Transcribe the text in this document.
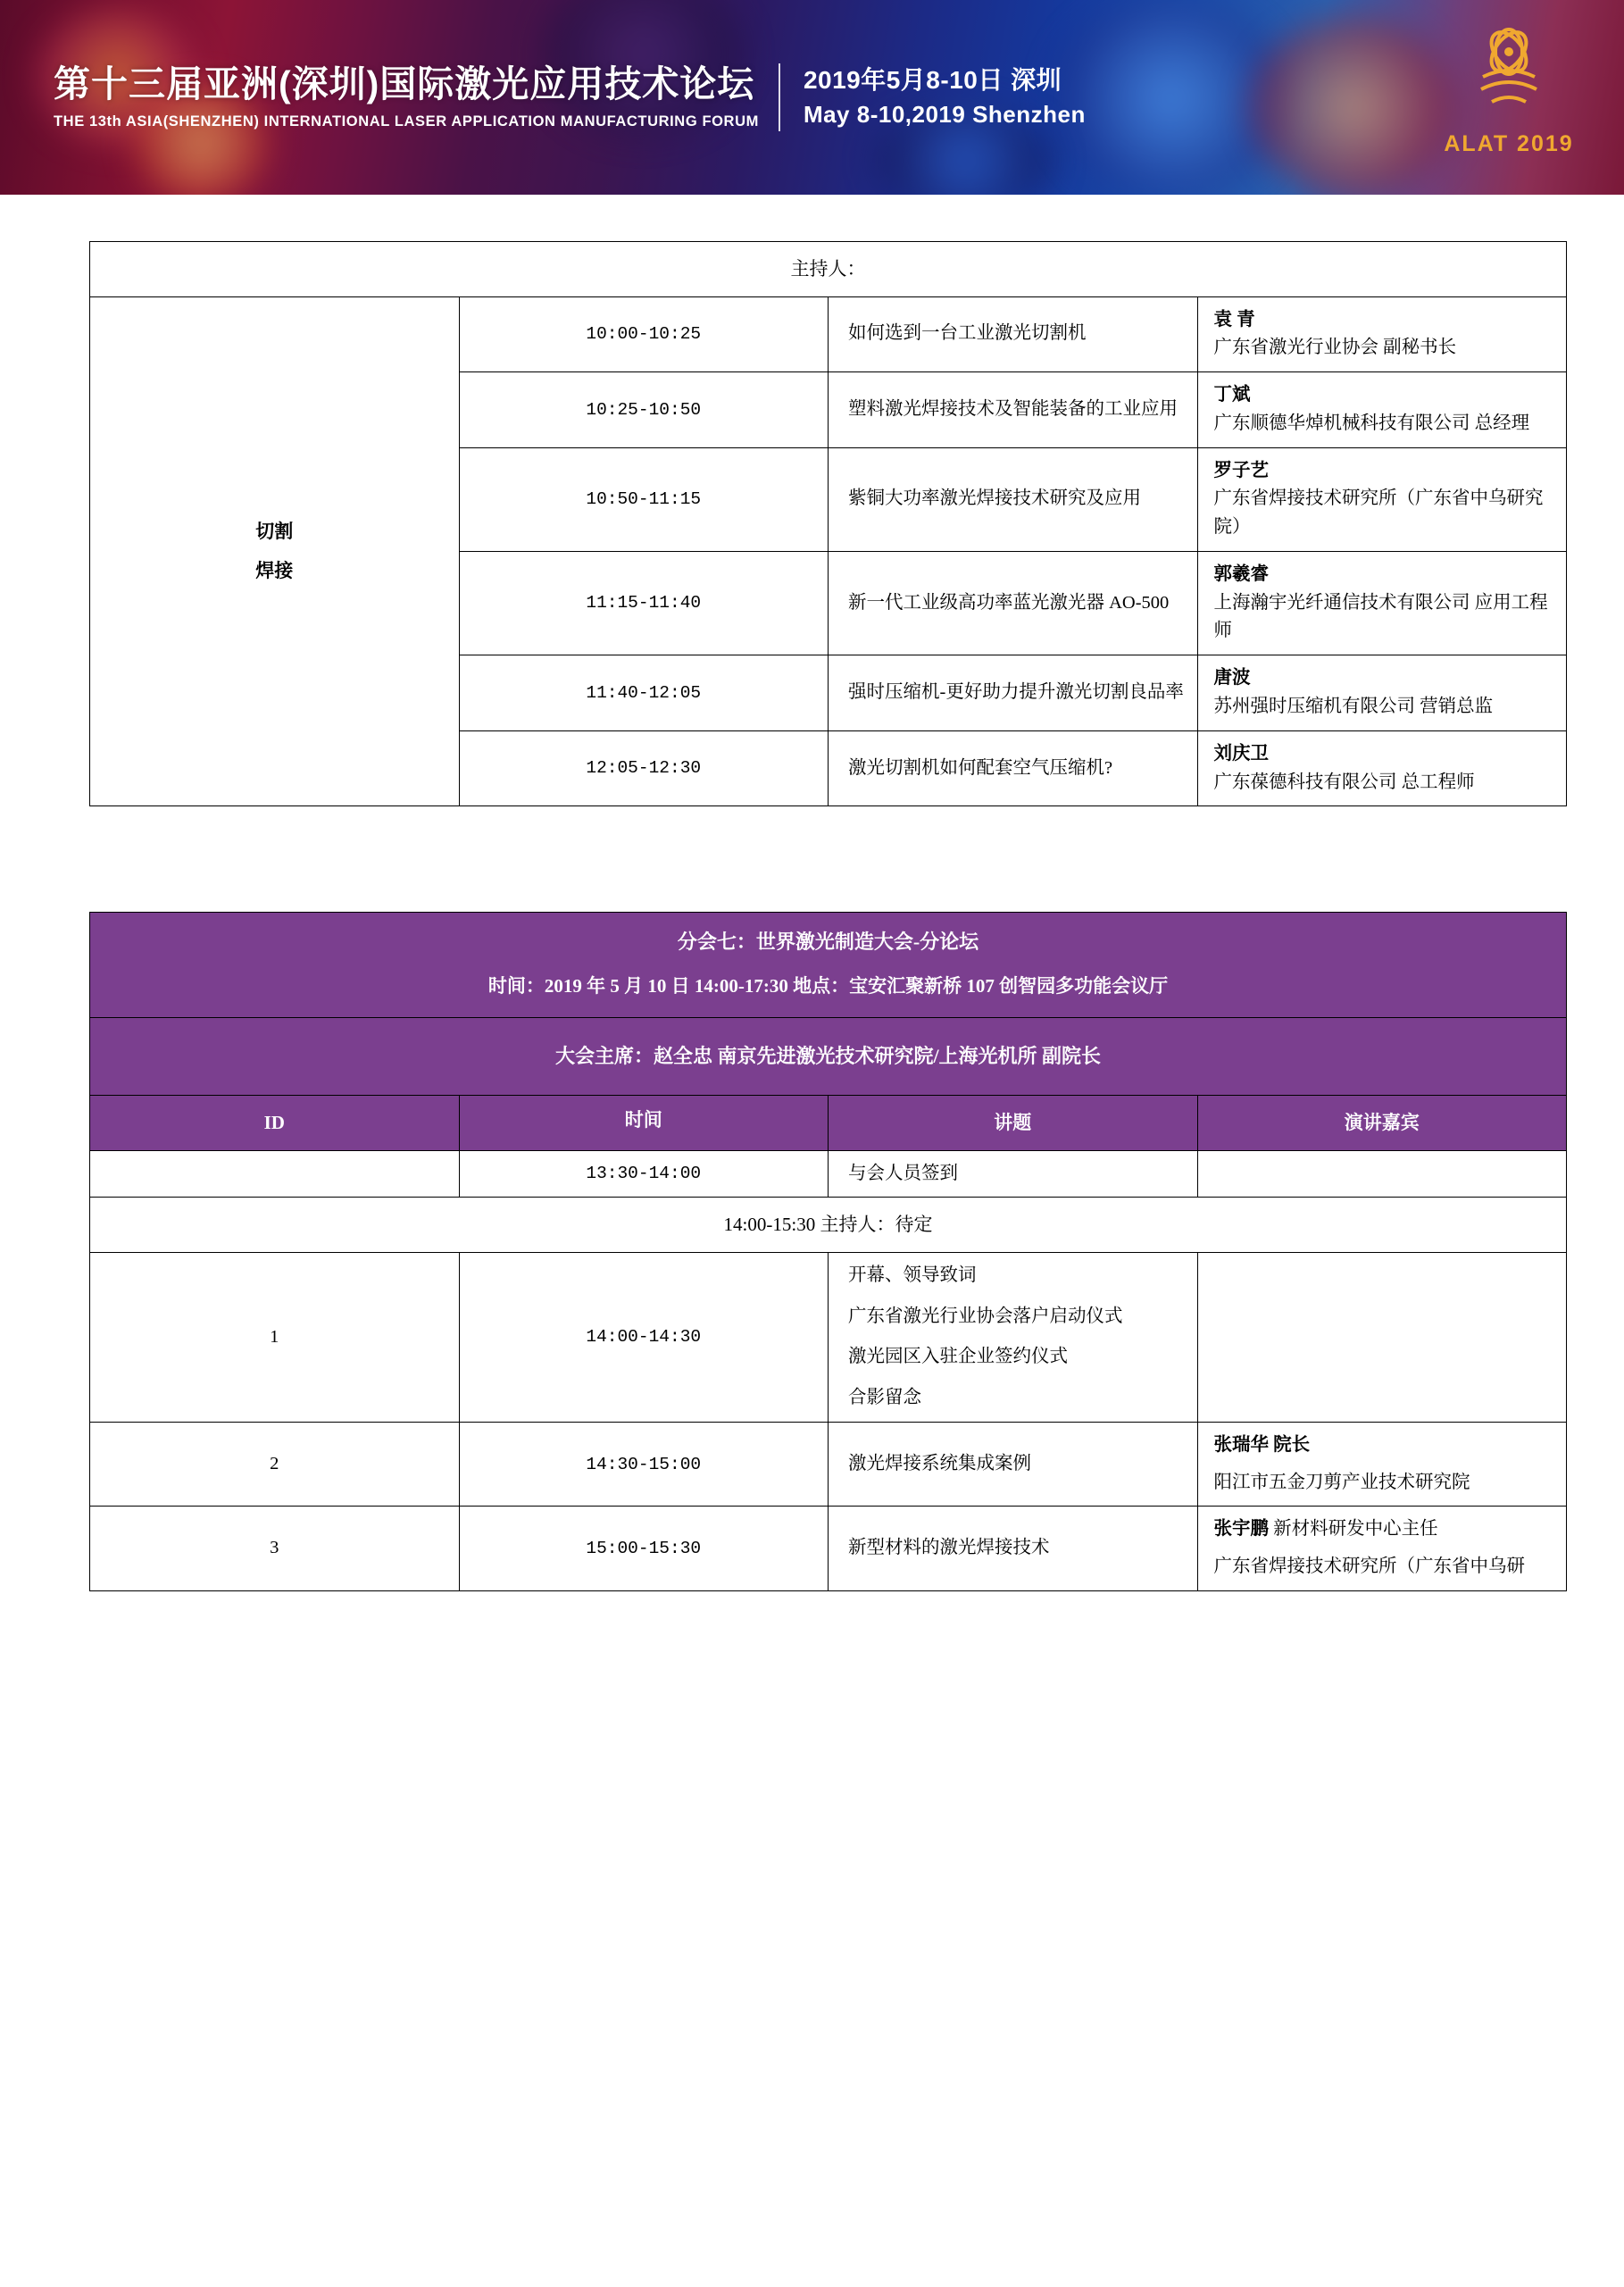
第十三届亚洲(深圳)国际激光应用技术论坛
THE 13th ASIA(SHENZHEN) INTERNATIONAL LASER APPLICATION MANUFACTURING FORUM
2019年5月8-10日 深圳
May 8-10,2019 Shenzhen
ALAT 2019
主持人：			
切割
焊接	10:00-10:25	如何选到一台工业激光切割机	袁 青
广东省激光行业协会 副秘书长

	10:25-10:50	塑料激光焊接技术及智能装备的工业应用	丁斌
广东顺德华焯机械科技有限公司 总经理

	10:50-11:15	紫铜大功率激光焊接技术研究及应用	罗子艺
广东省焊接技术研究所（广东省中乌研究院）

	11:15-11:40	新一代工业级高功率蓝光激光器 AO-500	郭羲睿
上海瀚宇光纤通信技术有限公司 应用工程师

	11:40-12:05	强时压缩机-更好助力提升激光切割良品率	唐波
苏州强时压缩机有限公司 营销总监

	12:05-12:30	激光切割机如何配套空气压缩机?	刘庆卫
广东葆德科技有限公司 总工程师
分会七：世界激光制造大会-分论坛			
时间：2019 年 5 月 10 日 14:00-17:30 地点：宝安汇聚新桥 107 创智园多功能会议厅			
大会主席：赵全忠 南京先进激光技术研究院/上海光机所 副院长			
ID	时间	讲题	演讲嘉宾
	13:30-14:00	与会人员签到	
14:00-15:30 主持人：待定			
1	14:00-14:30	开幕、领导致词

广东省激光行业协会落户启动仪式

激光园区入驻企业签约仪式

合影留念	

2	14:30-15:00	激光焊接系统集成案例	张瑞华 院长
阳江市五金刀剪产业技术研究院

3	15:00-15:30	新型材料的激光焊接技术	张宇鹏 新材料研发中心主任
广东省焊接技术研究所（广东省中乌研
